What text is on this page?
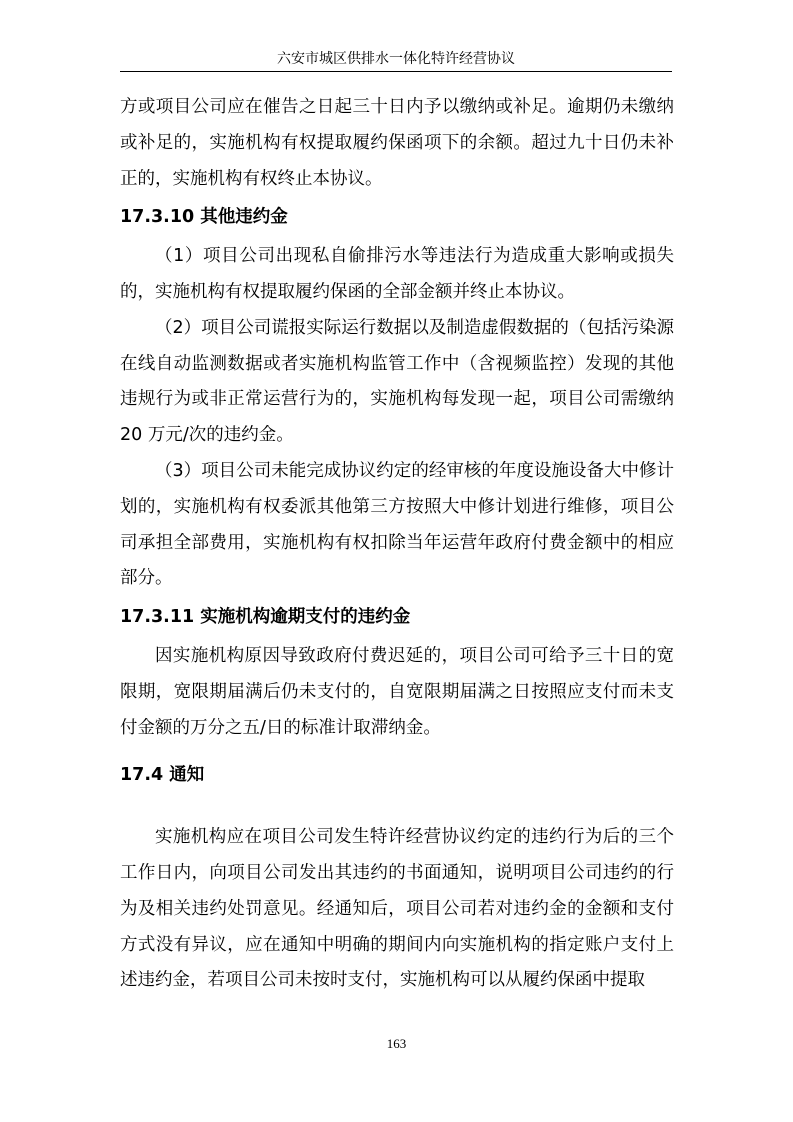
六安市城区供排水一体化特许经营协议

方或项目公司应在催告之日起三十日内予以缴纳或补足。逾期仍未缴纳或补足的，实施机构有权提取履约保函项下的余额。超过九十日仍未补正的，实施机构有权终止本协议。

17.3.10 其他违约金

（1）项目公司出现私自偷排污水等违法行为造成重大影响或损失的，实施机构有权提取履约保函的全部金额并终止本协议。

（2）项目公司谎报实际运行数据以及制造虚假数据的（包括污染源在线自动监测数据或者实施机构监管工作中（含视频监控）发现的其他违规行为或非正常运营行为的，实施机构每发现一起，项目公司需缴纳 20 万元/次的违约金。

（3）项目公司未能完成协议约定的经审核的年度设施设备大中修计划的，实施机构有权委派其他第三方按照大中修计划进行维修，项目公司承担全部费用，实施机构有权扣除当年运营年政府付费金额中的相应部分。

17.3.11 实施机构逾期支付的违约金

因实施机构原因导致政府付费迟延的，项目公司可给予三十日的宽限期，宽限期届满后仍未支付的，自宽限期届满之日按照应支付而未支付金额的万分之五/日的标准计取滞纳金。

17.4 通知

实施机构应在项目公司发生特许经营协议约定的违约行为后的三个工作日内，向项目公司发出其违约的书面通知，说明项目公司违约的行为及相关违约处罚意见。经通知后，项目公司若对违约金的金额和支付方式没有异议，应在通知中明确的期间内向实施机构的指定账户支付上述违约金，若项目公司未按时支付，实施机构可以从履约保函中提取

163
